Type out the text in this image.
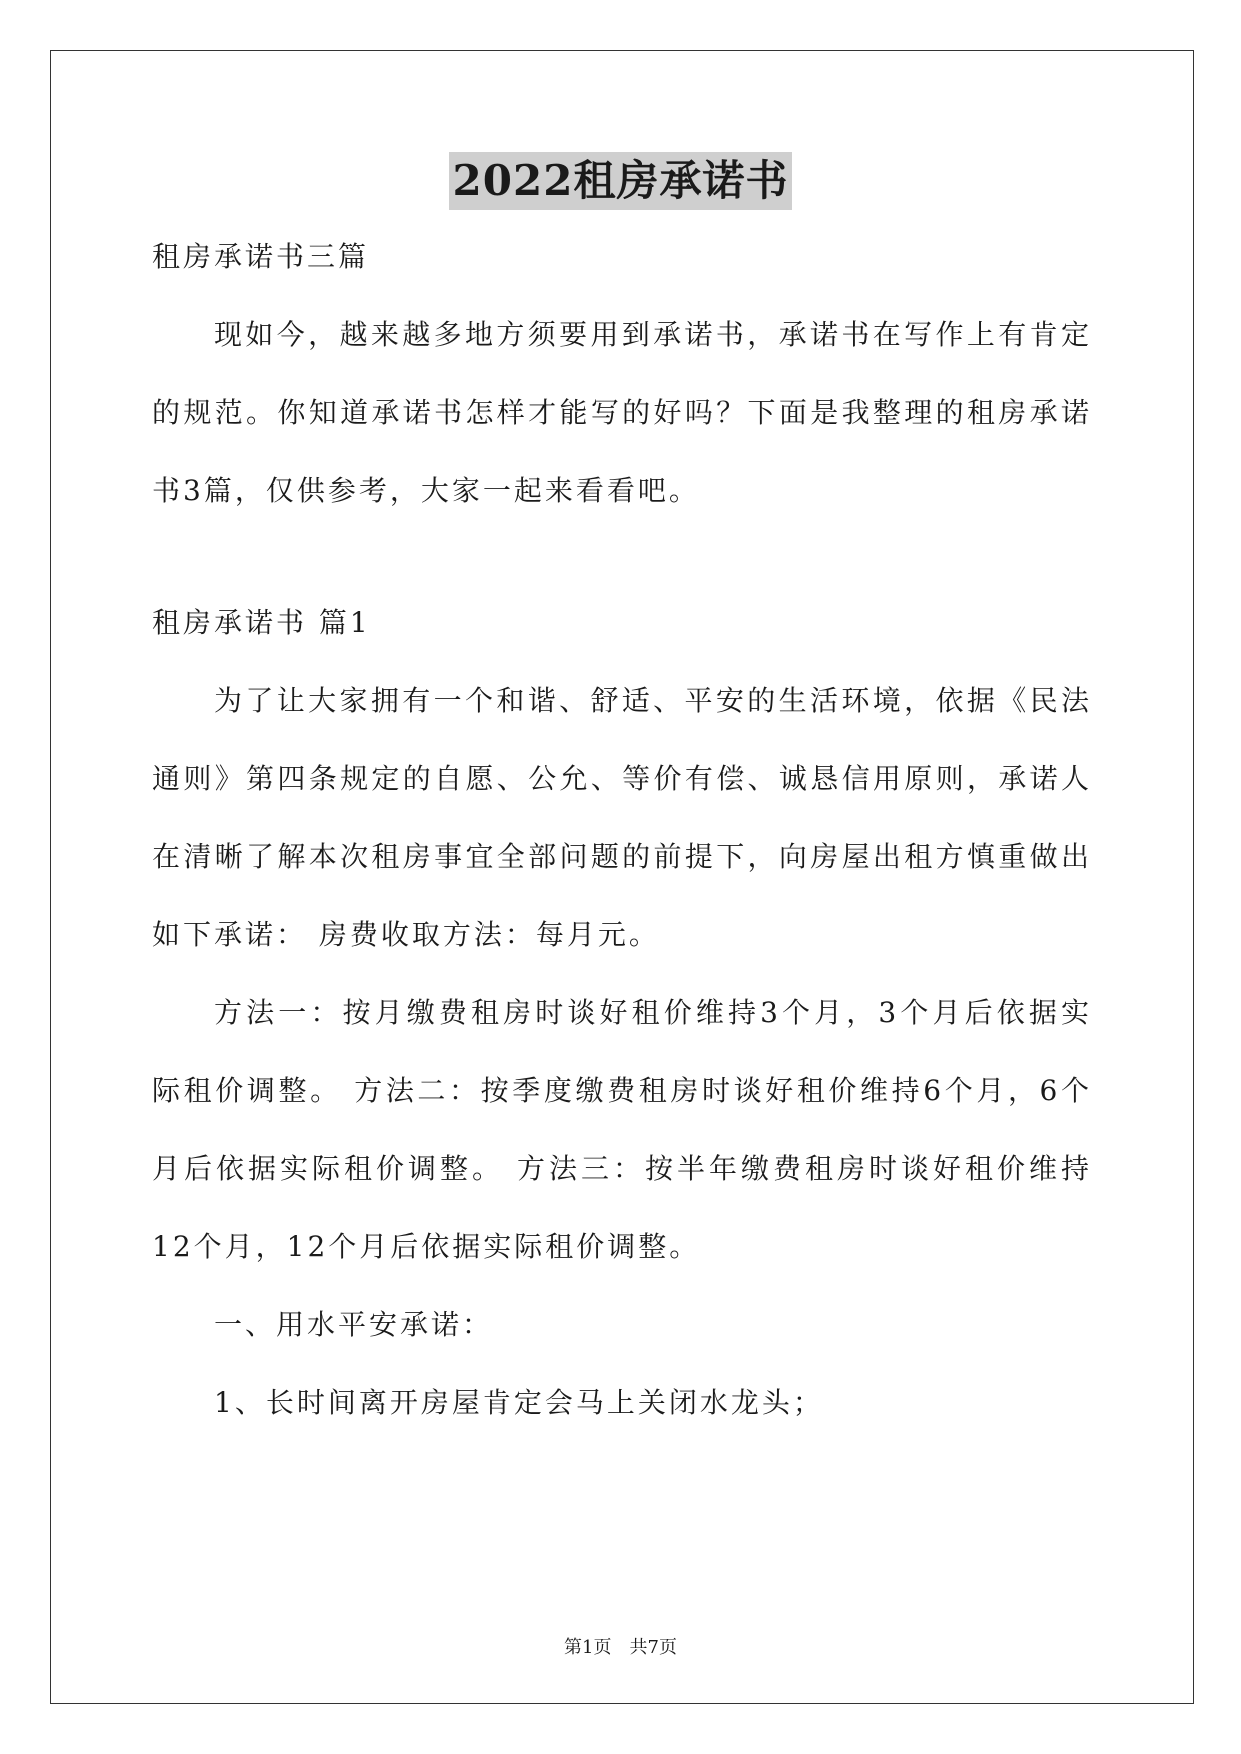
2022租房承诺书

租房承诺书三篇

现如今，越来越多地方须要用到承诺书，承诺书在写作上有肯定的规范。你知道承诺书怎样才能写的好吗？下面是我整理的租房承诺书3篇，仅供参考，大家一起来看看吧。

租房承诺书 篇1

为了让大家拥有一个和谐、舒适、平安的生活环境，依据《民法通则》第四条规定的自愿、公允、等价有偿、诚恳信用原则，承诺人在清晰了解本次租房事宜全部问题的前提下，向房屋出租方慎重做出如下承诺： 房费收取方法：每月元。

方法一：按月缴费租房时谈好租价维持3个月，3个月后依据实际租价调整。 方法二：按季度缴费租房时谈好租价维持6个月，6个月后依据实际租价调整。 方法三：按半年缴费租房时谈好租价维持12个月，12个月后依据实际租价调整。

一、用水平安承诺：

1、长时间离开房屋肯定会马上关闭水龙头；

第1页　共7页
